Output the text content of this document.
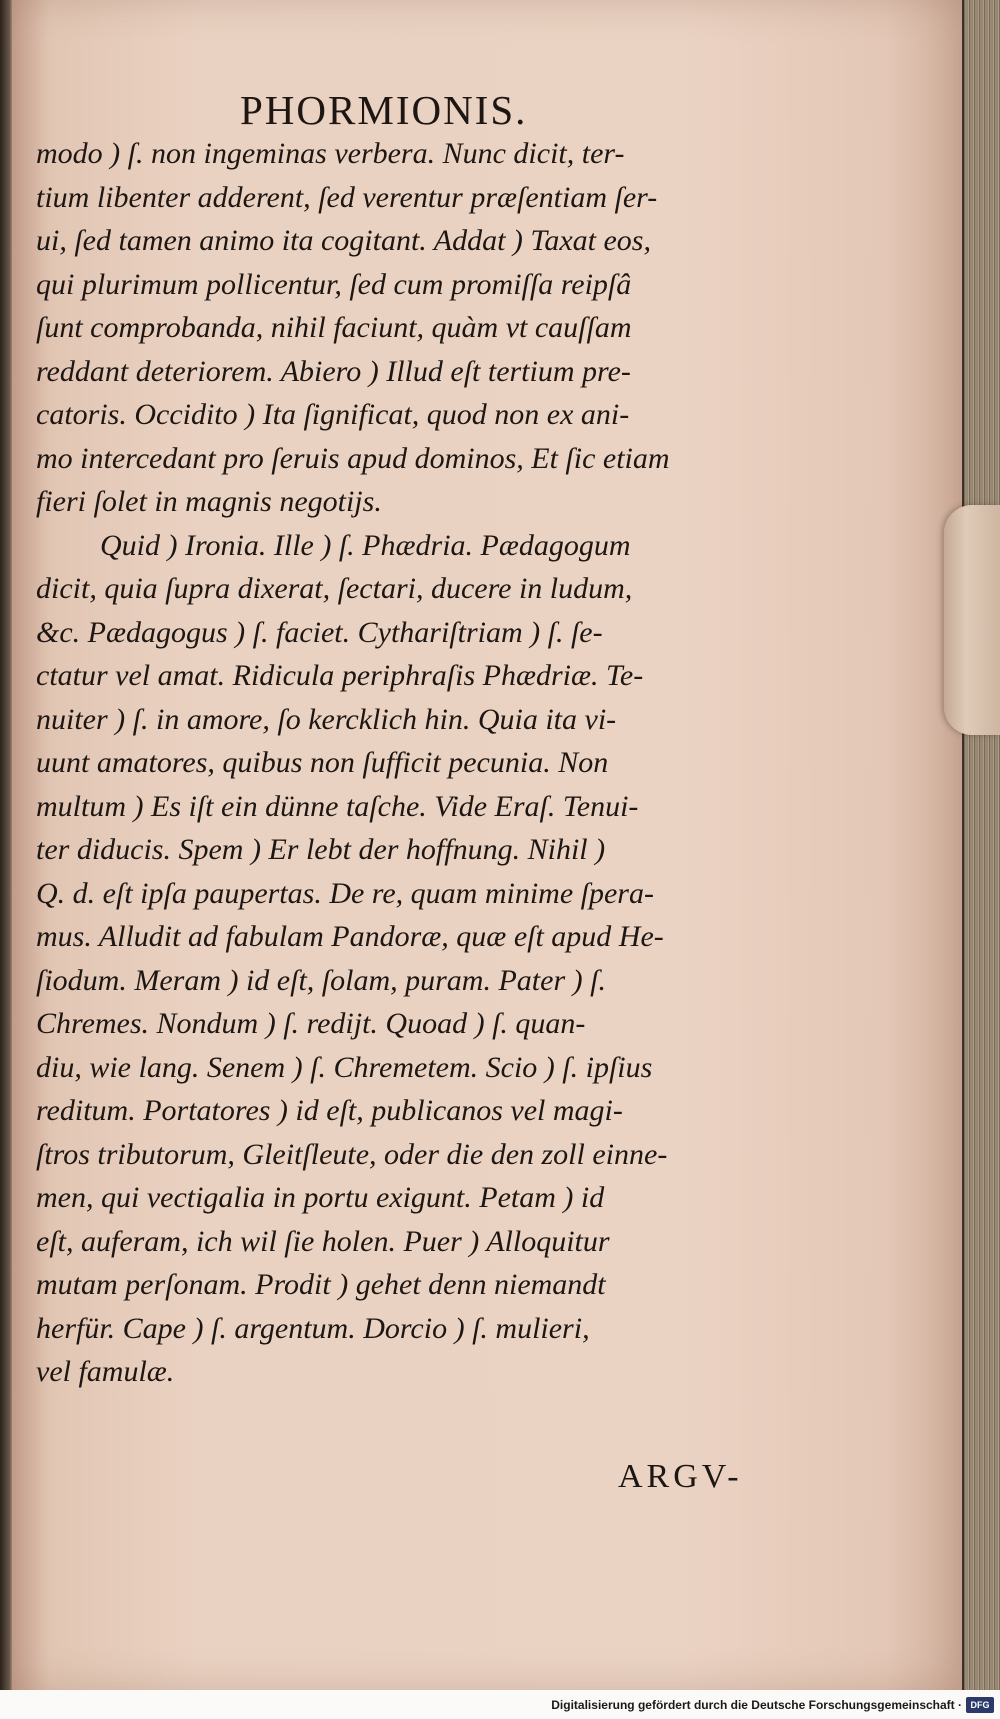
PHORMIONIS.
modo ) ſ. non ingeminas verbera. Nunc dicit, ter-
tium libenter adderent, ſed verentur præſentiam ſer-
ui, ſed tamen animo ita cogitant. Addat ) Taxat eos,
qui plurimum pollicentur, ſed cum promiſſa reipſâ
ſunt comprobanda, nihil faciunt, quàm vt cauſſam
reddant deteriorem. Abiero ) Illud eſt tertium pre-
catoris. Occidito ) Ita ſignificat, quod non ex ani-
mo intercedant pro ſeruis apud dominos, Et ſic etiam
fieri ſolet in magnis negotijs.
Quid ) Ironia. Ille ) ſ. Phædria. Pædagogum
dicit, quia ſupra dixerat, ſectari, ducere in ludum,
&c. Pædagogus ) ſ. faciet. Cythariſtriam ) ſ. ſe-
ctatur vel amat. Ridicula periphraſis Phædriæ. Te-
nuiter ) ſ. in amore, ſo kercklich hin. Quia ita vi-
uunt amatores, quibus non ſufficit pecunia. Non
multum ) Es iſt ein dünne taſche. Vide Eraſ. Tenui-
ter diducis. Spem ) Er lebt der hoffnung. Nihil )
Q. d. eſt ipſa paupertas. De re, quam minime ſpera-
mus. Alludit ad fabulam Pandoræ, quæ eſt apud He-
ſiodum. Meram ) id eſt, ſolam, puram. Pater ) ſ.
Chremes. Nondum ) ſ. redijt. Quoad ) ſ. quan-
diu, wie lang. Senem ) ſ. Chremetem. Scio ) ſ. ipſius
reditum. Portatores ) id eſt, publicanos vel magi-
ſtros tributorum, Gleitſleute, oder die den zoll einne-
men, qui vectigalia in portu exigunt. Petam ) id
eſt, auferam, ich wil ſie holen. Puer ) Alloquitur
mutam perſonam. Prodit ) gehet denn niemandt
herfür. Cape ) ſ. argentum. Dorcio ) ſ. mulieri,
vel famulæ.
ARGV-
Digitalisierung gefördert durch die Deutsche Forschungsgemeinschaft · DFG
